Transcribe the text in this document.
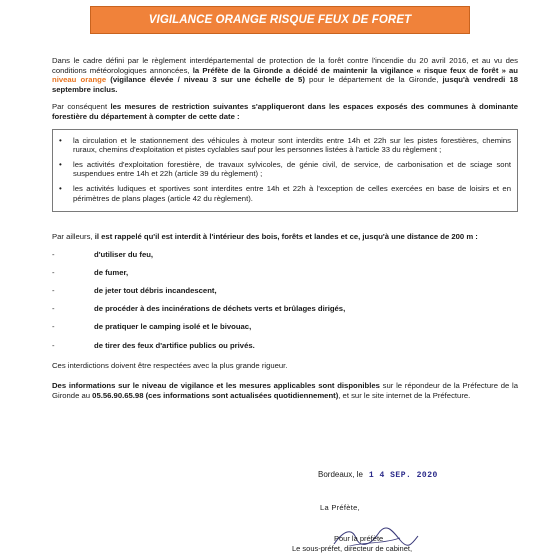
VIGILANCE ORANGE RISQUE FEUX DE FORET

Dans le cadre défini par le règlement interdépartemental de protection de la forêt contre l'incendie du 20 avril 2016, et au vu des conditions météorologiques annoncées, la Préfète de la Gironde a décidé de maintenir la vigilance « risque feux de forêt » au niveau orange (vigilance élevée / niveau 3 sur une échelle de 5) pour le département de la Gironde, jusqu'à vendredi 18 septembre inclus.

Par conséquent les mesures de restriction suivantes s'appliqueront dans les espaces exposés des communes à dominante forestière du département à compter de cette date :

•	la circulation et le stationnement des véhicules à moteur sont interdits entre 14h et 22h sur les pistes forestières, chemins ruraux, chemins d'exploitation et pistes cyclables sauf pour les personnes listées à l'article 33 du règlement ;
•	les activités d'exploitation forestière, de travaux sylvicoles, de génie civil, de service, de carbonisation et de sciage sont suspendues entre 14h et 22h (article 39 du règlement) ;
•	les activités ludiques et sportives sont interdites entre 14h et 22h à l'exception de celles exercées en base de loisirs et en périmètres de plans plages (article 42 du règlement).

Par ailleurs, il est rappelé qu'il est interdit à l'intérieur des bois, forêts et landes et ce, jusqu'à une distance de 200 m :

-	d'utiliser du feu,
-	de fumer,
-	de jeter tout débris incandescent,
-	de procéder à des incinérations de déchets verts et brûlages dirigés,
-	de pratiquer le camping isolé et le bivouac,
-	de tirer des feux d'artifice publics ou privés.

Ces interdictions doivent être respectées avec la plus grande rigueur.

Des informations sur le niveau de vigilance et les mesures applicables sont disponibles sur le répondeur de la Préfecture de la Gironde au 05.56.90.65.98 (ces informations sont actualisées quotidiennement), et sur le site internet de la Préfecture.

Bordeaux, le 1 4 SEP. 2020
La Préfète,
Pour la préfète
Le sous-préfet, directeur de cabinet,
